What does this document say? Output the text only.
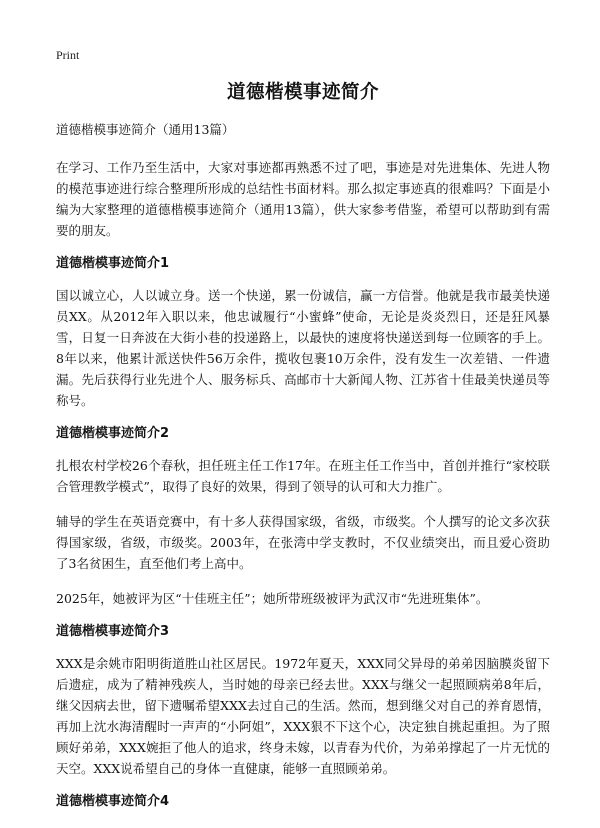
Print
道德楷模事迹简介
道德楷模事迹简介（通用13篇）

在学习、工作乃至生活中，大家对事迹都再熟悉不过了吧，事迹是对先进集体、先进人物的模范事迹进行综合整理所形成的总结性书面材料。那么拟定事迹真的很难吗？下面是小编为大家整理的道德楷模事迹简介（通用13篇），供大家参考借鉴，希望可以帮助到有需要的朋友。

道德楷模事迹简介1

国以诚立心，人以诚立身。送一个快递，累一份诚信，赢一方信誉。他就是我市最美快递员XX。从2012年入职以来，他忠诚履行“小蜜蜂”使命，无论是炎炎烈日，还是狂风暴雪，日复一日奔波在大街小巷的投递路上，以最快的速度将快递送到每一位顾客的手上。8年以来，他累计派送快件56万余件，揽收包裹10万余件，没有发生一次差错、一件遗漏。先后获得行业先进个人、服务标兵、高邮市十大新闻人物、江苏省十佳最美快递员等称号。

道德楷模事迹简介2

扎根农村学校26个春秋，担任班主任工作17年。在班主任工作当中，首创并推行“家校联合管理教学模式”，取得了良好的效果，得到了领导的认可和大力推广。

辅导的学生在英语竞赛中，有十多人获得国家级，省级，市级奖。个人撰写的论文多次获得国家级，省级，市级奖。2003年，在张湾中学支教时，不仅业绩突出，而且爱心资助了3名贫困生，直至他们考上高中。

2025年，她被评为区“十佳班主任”；她所带班级被评为武汉市“先进班集体”。

道德楷模事迹简介3

XXX是余姚市阳明街道胜山社区居民。1972年夏天，XXX同父异母的弟弟因脑膜炎留下后遗症，成为了精神残疾人，当时她的母亲已经去世。XXX与继父一起照顾病弟8年后，继父因病去世，留下遗嘱希望XXX去过自己的生活。然而，想到继父对自己的养育恩情，再加上沈水海清醒时一声声的“小阿姐”，XXX狠不下这个心，决定独自挑起重担。为了照顾好弟弟，XXX婉拒了他人的追求，终身未嫁，以青春为代价，为弟弟撑起了一片无忧的天空。XXX说希望自己的身体一直健康，能够一直照顾弟弟。

道德楷模事迹简介4
